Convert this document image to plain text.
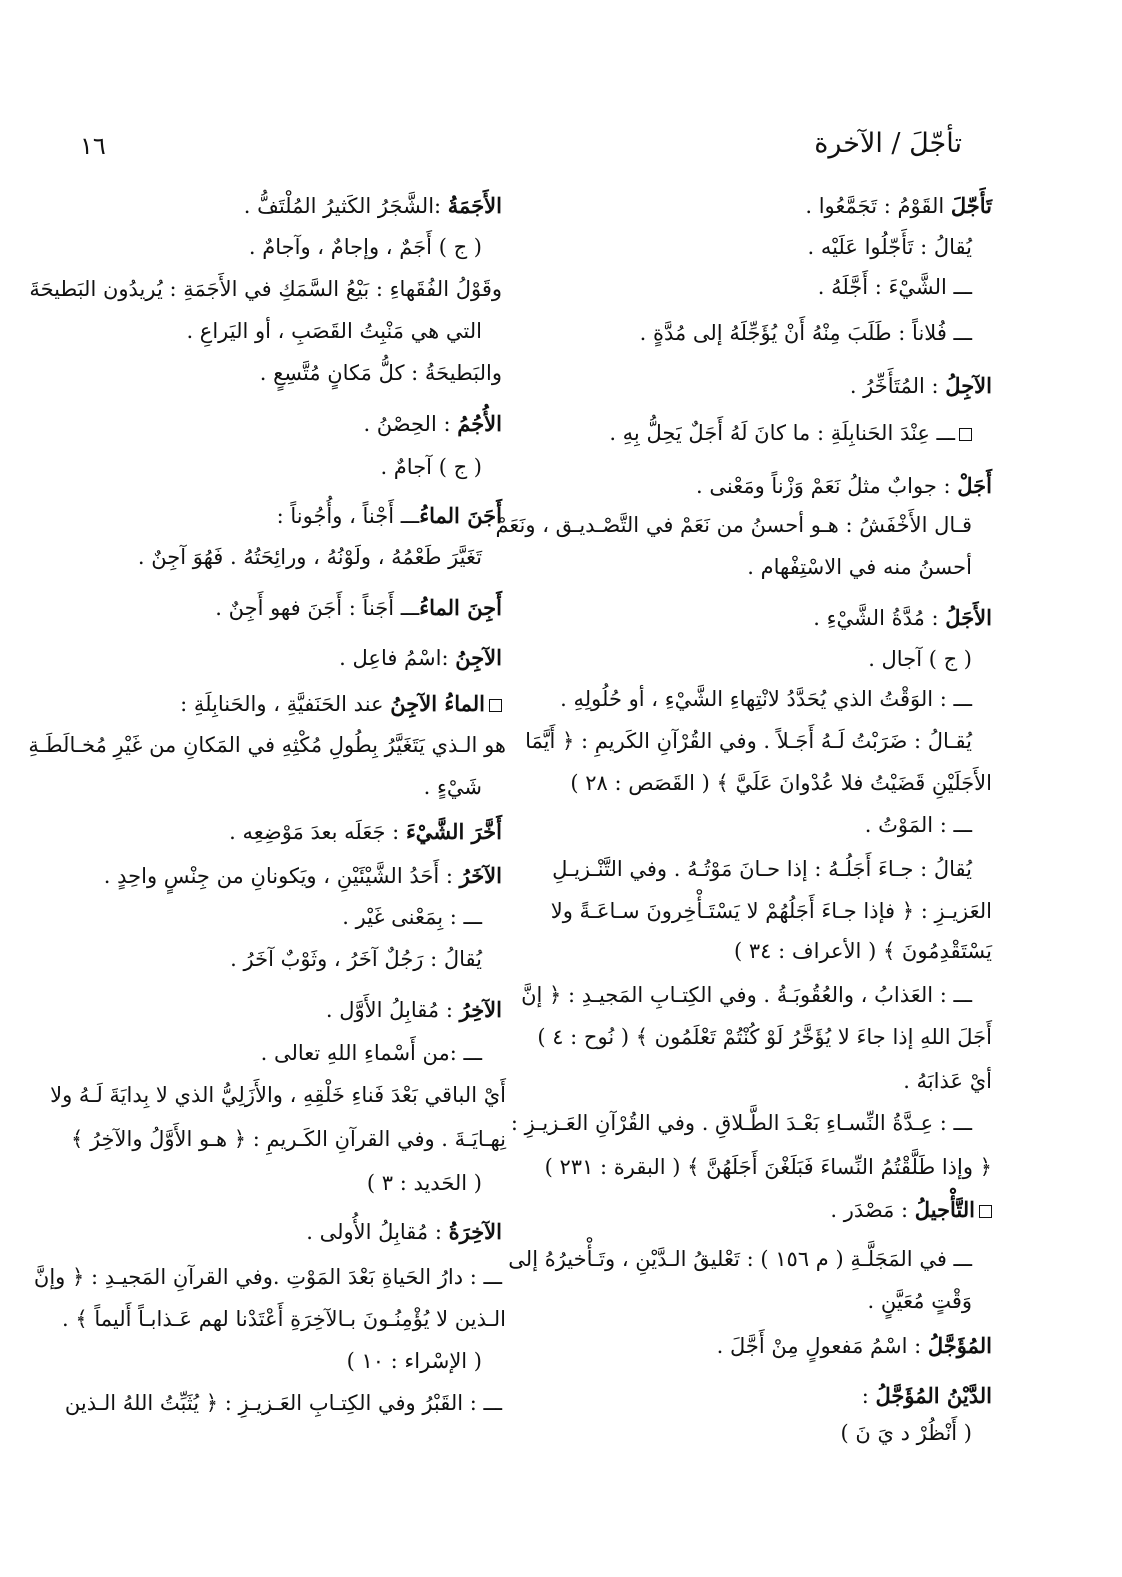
تأجّلَ / الآخرة
١٦
تَأَجّلَ القَوْمُ : تَجَمَّعُوا .
يُقالُ : تَأَجّلُوا عَلَيْه .
ـــ الشَّيْءَ : أَجَّلَهُ .
ـــ فُلاناً : طَلَبَ مِنْهُ أَنْ يُؤَجِّلَهُ إلى مُدَّةٍ .
الآجِلُ : المُتَأَخِّرُ .
ـــ عِنْدَ الحَنابِلَةِ : ما كانَ لَهُ أَجَلٌ يَحِلُّ بِهِ .
أَجَلْ : جوابٌ مثلُ نَعَمْ وَزْناً ومَعْنى .
قـال الأَخْفَشُ : هـو أحسنُ من نَعَمْ في التَّصْـديـق ، ونَعَمْ
أحسنُ منه في الاسْتِفْهام .
الأَجَلُ : مُدَّةُ الشَّيْءِ .
( ج ) آجال .
ـــ : الوَقْتُ الذي يُحَدَّدُ لانْتِهاءِ الشَّيْءِ ، أو حُلُولِهِ .
يُقـالُ : ضَرَبْتُ لَـهُ أَجَـلاً . وفي القُرْآنِ الكَريمِ : ﴿ أَيَّمَا
الأَجَلَيْنِ قَضَيْتُ فلا عُدْوانَ عَلَيَّ ﴾ ( القَصَص : ٢٨ )
ـــ : المَوْتُ .
يُقالُ : جـاءَ أَجَلُـهُ : إذا حـانَ مَوْتُـهُ . وفي التَّنْـزيـلِ
العَزيـزِ : ﴿ فإذا جـاءَ أَجَلُهُمْ لا يَسْتَـأْخِرونَ سـاعَـةً ولا
يَسْتَقْدِمُونَ ﴾ ( الأعراف : ٣٤ )
ـــ : العَذابُ ، والعُقُوبَـةُ . وفي الكِتـابِ المَجيـدِ : ﴿ إنَّ
أَجَلَ اللهِ إذا جاءَ لا يُؤَخَّرُ لَوْ كُنْتُمْ تَعْلَمُون ﴾ ( نُوح : ٤ )
أيْ عَذابَهُ .
ـــ : عِـدَّةُ النِّسـاءِ بَعْـدَ الطَّـلاقِ . وفي القُرْآنِ العَـزيـزِ :
﴿ وإذا طَلَّقْتُمُ النِّساءَ فَبَلَغْنَ أَجَلَهُنَّ ﴾ ( البقرة : ٢٣١ )
التَّأْجيلُ : مَصْدَر .
ـــ في المَجَلَّـةِ ( م ١٥٦ ) : تَعْليقُ الـدَّيْنِ ، وتَـأْخيرُهُ إلى
وَقْتٍ مُعَيَّنٍ .
المُؤَجَّلُ : اسْمُ مَفعولٍ مِنْ أَجَّلَ .
الدَّيْنُ المُؤَجَّلُ :
( أَنْظُرْ د يَ نَ )
الأَجَمَةُ :الشَّجَرُ الكَثيرُ المُلْتَفُّ .
( ج ) أَجَمٌ ، وإجامٌ ، وآجامٌ .
وقَوْلُ الفُقَهاءِ : بَيْعُ السَّمَكِ في الأَجَمَةِ : يُريدُون البَطيحَةَ
التي هي مَنْبِتُ القَصَبِ ، أو اليَراعِ .
والبَطيحَةُ : كلُّ مَكانٍ مُتَّسِعٍ .
الأُجُمُ : الحِصْنُ .
( ج ) آجامٌ .
أَجَنَ الماءُـــ أَجْناً ، وأُجُوناً :
تَغَيَّرَ طَعْمُهُ ، ولَوْنُهُ ، ورائِحَتُهُ . فَهُوَ آجِنٌ .
أَجِنَ الماءُـــ أَجَناً : أَجَنَ فهو أَجِنٌ .
الآجِنُ :اسْمُ فاعِل .
الماءُ الآجِنُ عند الحَنَفيَّةِ ، والحَنابِلَةِ :
هو الـذي يَتَغَيَّرُ بِطُولِ مُكْثِهِ في المَكانِ من غَيْرِ مُخـالَطَـةِ
شَيْءٍ .
أَخَّرَ الشَّيْءَ : جَعَلَه بعدَ مَوْضِعِه .
الآخَرُ : أَحَدُ الشَّيْئَيْنِ ، ويَكونانِ من جِنْسٍ واحِدٍ .
ـــ : بِمَعْنى غَيْر .
يُقالُ : رَجُلٌ آخَرُ ، وثَوْبٌ آخَرُ .
الآخِرُ : مُقابِلُ الأَوَّل .
ـــ :من أَسْماءِ اللهِ تعالى .
أَيْ الباقي بَعْدَ فَناءِ خَلْقِهِ ، والأَزَلِيُّ الذي لا بِدايَةَ لَـهُ ولا
نِهـايَـةَ . وفي القرآنِ الكَـريمِ : ﴿ هـو الأَوَّلُ والآخِرُ ﴾
( الحَديد : ٣ )
الآخِرَةُ : مُقابِلُ الأُولى .
ـــ : دارُ الحَياةِ بَعْدَ المَوْتِ .وفي القرآنِ المَجيـدِ : ﴿ وإنَّ
الـذين لا يُؤْمِنُـونَ بـالآخِرَةِ أَعْتَدْنا لهم عَـذابـاً أَليماً ﴾ .
( الإسْراء : ١٠ )
ـــ : القَبْرُ وفي الكِتـابِ العَـزيـزِ : ﴿ يُثَبِّتُ اللهُ الـذين
